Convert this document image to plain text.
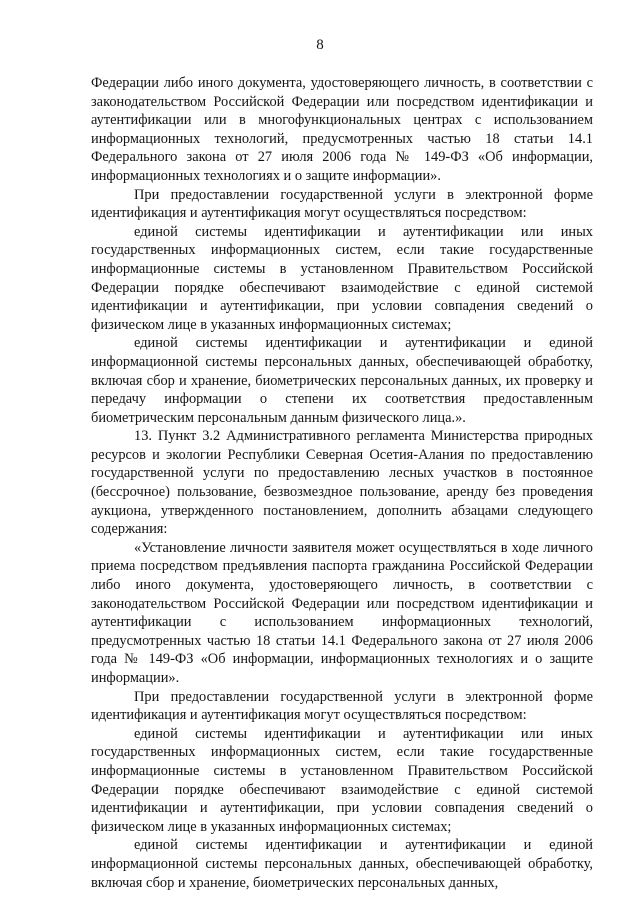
8

Федерации либо иного документа, удостоверяющего личность, в соответствии с законодательством Российской Федерации или посредством идентификации и аутентификации или в многофункциональных центрах с использованием информационных технологий, предусмотренных частью 18 статьи 14.1 Федерального закона от 27 июля 2006 года № 149-ФЗ «Об информации, информационных технологиях и о защите информации».

При предоставлении государственной услуги в электронной форме идентификация и аутентификация могут осуществляться посредством:

единой системы идентификации и аутентификации или иных государственных информационных систем, если такие государственные информационные системы в установленном Правительством Российской Федерации порядке обеспечивают взаимодействие с единой системой идентификации и аутентификации, при условии совпадения сведений о физическом лице в указанных информационных системах;

единой системы идентификации и аутентификации и единой информационной системы персональных данных, обеспечивающей обработку, включая сбор и хранение, биометрических персональных данных, их проверку и передачу информации о степени их соответствия предоставленным биометрическим персональным данным физического лица.».

13. Пункт 3.2 Административного регламента Министерства природных ресурсов и экологии Республики Северная Осетия-Алания по предоставлению государственной услуги по предоставлению лесных участков в постоянное (бессрочное) пользование, безвозмездное пользование, аренду без проведения аукциона, утвержденного постановлением, дополнить абзацами следующего содержания:

«Установление личности заявителя может осуществляться в ходе личного приема посредством предъявления паспорта гражданина Российской Федерации либо иного документа, удостоверяющего личность, в соответствии с законодательством Российской Федерации или посредством идентификации и аутентификации с использованием информационных технологий, предусмотренных частью 18 статьи 14.1 Федерального закона от 27 июля 2006 года № 149-ФЗ «Об информации, информационных технологиях и о защите информации».

При предоставлении государственной услуги в электронной форме идентификация и аутентификация могут осуществляться посредством:

единой системы идентификации и аутентификации или иных государственных информационных систем, если такие государственные информационные системы в установленном Правительством Российской Федерации порядке обеспечивают взаимодействие с единой системой идентификации и аутентификации, при условии совпадения сведений о физическом лице в указанных информационных системах;

единой системы идентификации и аутентификации и единой информационной системы персональных данных, обеспечивающей обработку, включая сбор и хранение, биометрических персональных данных,
